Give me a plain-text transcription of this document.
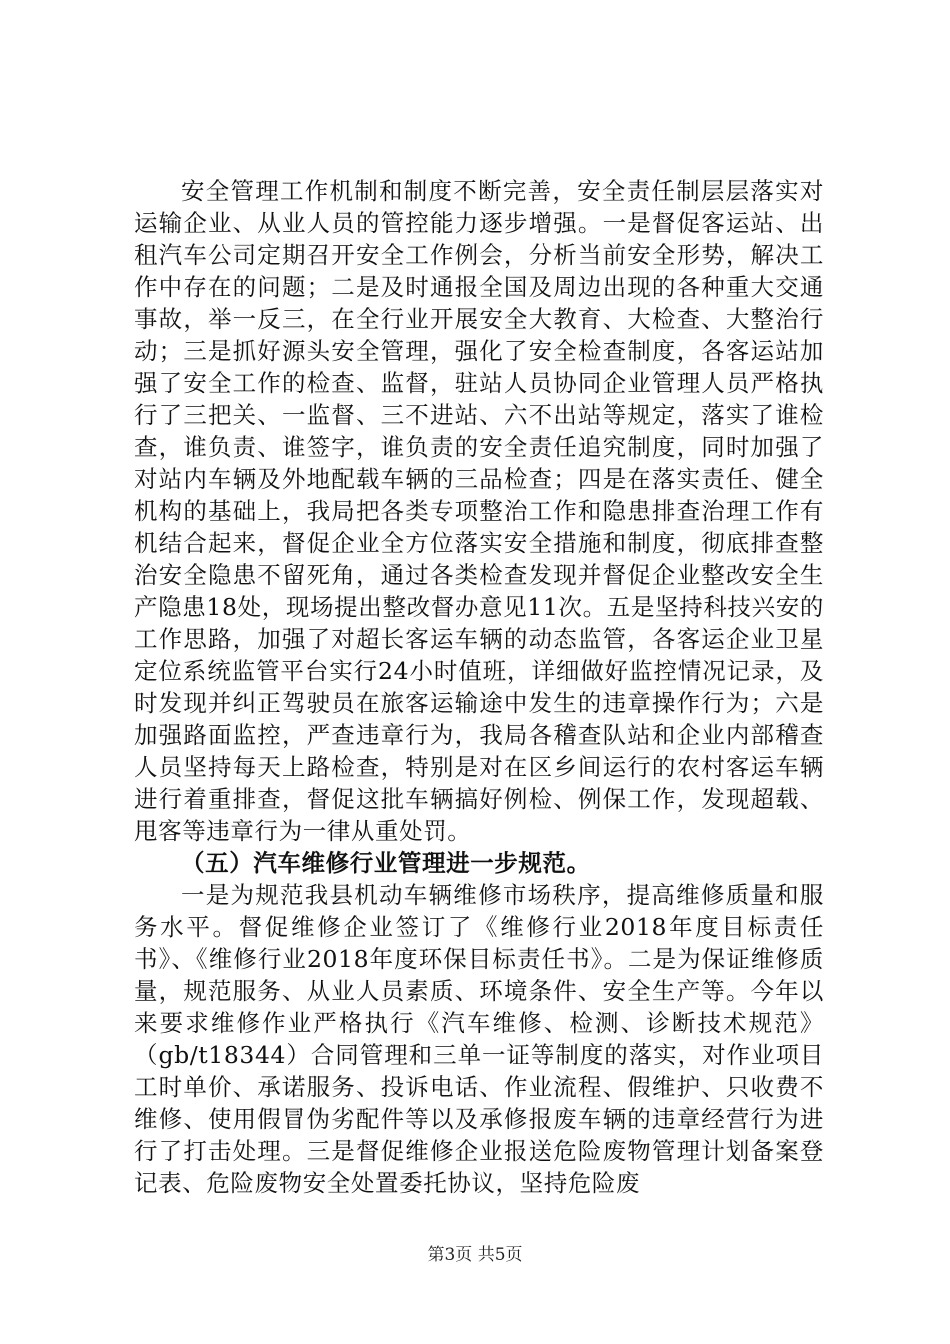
安全管理工作机制和制度不断完善，安全责任制层层落实对运输企业、从业人员的管控能力逐步增强。一是督促客运站、出租汽车公司定期召开安全工作例会，分析当前安全形势，解决工作中存在的问题；二是及时通报全国及周边出现的各种重大交通事故，举一反三，在全行业开展安全大教育、大检查、大整治行动；三是抓好源头安全管理，强化了安全检查制度，各客运站加强了安全工作的检查、监督，驻站人员协同企业管理人员严格执行了三把关、一监督、三不进站、六不出站等规定，落实了谁检查，谁负责、谁签字，谁负责的安全责任追究制度，同时加强了对站内车辆及外地配载车辆的三品检查；四是在落实责任、健全机构的基础上，我局把各类专项整治工作和隐患排查治理工作有机结合起来，督促企业全方位落实安全措施和制度，彻底排查整治安全隐患不留死角，通过各类检查发现并督促企业整改安全生产隐患18处，现场提出整改督办意见11次。五是坚持科技兴安的工作思路，加强了对超长客运车辆的动态监管，各客运企业卫星定位系统监管平台实行24小时值班，详细做好监控情况记录，及时发现并纠正驾驶员在旅客运输途中发生的违章操作行为；六是加强路面监控，严查违章行为，我局各稽查队站和企业内部稽查人员坚持每天上路检查，特别是对在区乡间运行的农村客运车辆进行着重排查，督促这批车辆搞好例检、例保工作，发现超载、甩客等违章行为一律从重处罚。

（五）汽车维修行业管理进一步规范。

一是为规范我县机动车辆维修市场秩序，提高维修质量和服务水平。督促维修企业签订了《维修行业2018年度目标责任书》、《维修行业2018年度环保目标责任书》。二是为保证维修质量，规范服务、从业人员素质、环境条件、安全生产等。今年以来要求维修作业严格执行《汽车维修、检测、诊断技术规范》（gb/t18344）合同管理和三单一证等制度的落实，对作业项目工时单价、承诺服务、投诉电话、作业流程、假维护、只收费不维修、使用假冒伪劣配件等以及承修报废车辆的违章经营行为进行了打击处理。三是督促维修企业报送危险废物管理计划备案登记表、危险废物安全处置委托协议，坚持危险废

第3页 共5页
